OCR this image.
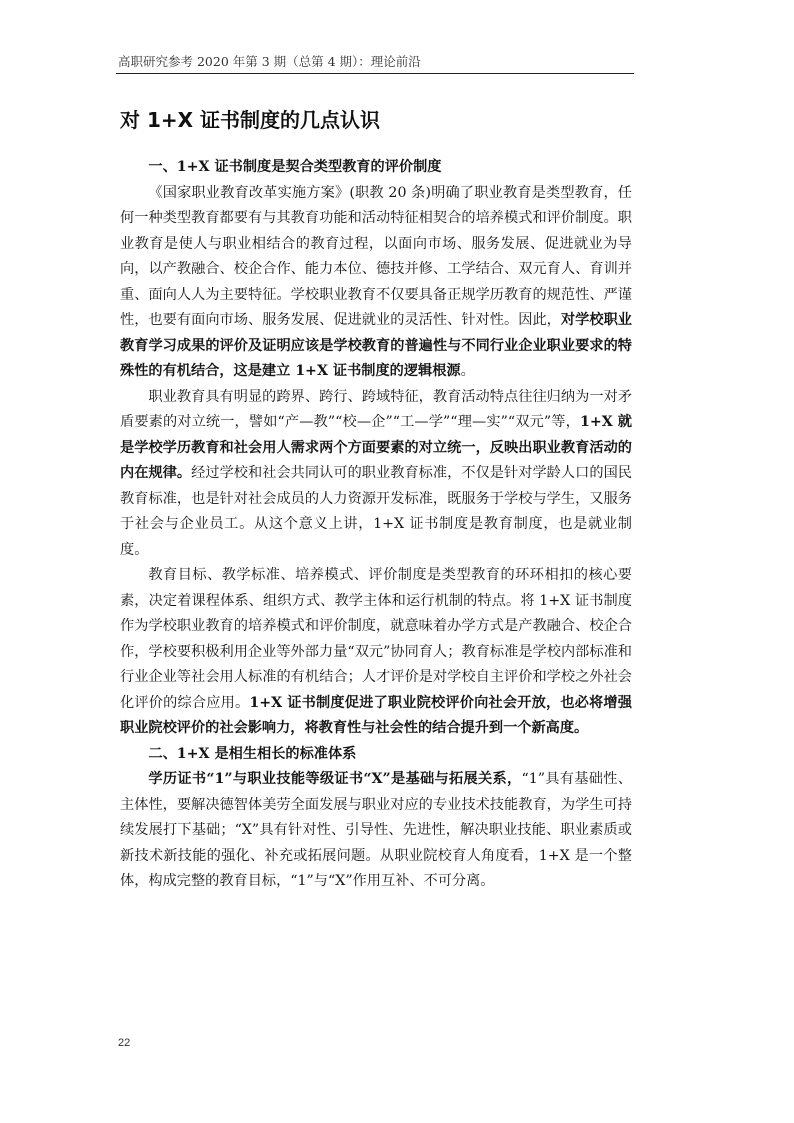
高职研究参考 2020 年第 3 期（总第 4 期）：理论前沿
对 1+X 证书制度的几点认识
一、1+X 证书制度是契合类型教育的评价制度

《国家职业教育改革实施方案》(职教 20 条)明确了职业教育是类型教育，任何一种类型教育都要有与其教育功能和活动特征相契合的培养模式和评价制度。职业教育是使人与职业相结合的教育过程，以面向市场、服务发展、促进就业为导向，以产教融合、校企合作、能力本位、德技并修、工学结合、双元育人、育训并重、面向人人为主要特征。学校职业教育不仅要具备正规学历教育的规范性、严谨性，也要有面向市场、服务发展、促进就业的灵活性、针对性。因此，对学校职业教育学习成果的评价及证明应该是学校教育的普遍性与不同行业企业职业要求的特殊性的有机结合，这是建立 1+X 证书制度的逻辑根源。

职业教育具有明显的跨界、跨行、跨域特征，教育活动特点往往归纳为一对矛盾要素的对立统一，譬如“产—教”“校—企”“工—学”“理—实”“双元”等，1+X 就是学校学历教育和社会用人需求两个方面要素的对立统一，反映出职业教育活动的内在规律。经过学校和社会共同认可的职业教育标准，不仅是针对学龄人口的国民教育标准，也是针对社会成员的人力资源开发标准，既服务于学校与学生，又服务于社会与企业员工。从这个意义上讲，1+X 证书制度是教育制度，也是就业制度。

教育目标、教学标准、培养模式、评价制度是类型教育的环环相扣的核心要素，决定着课程体系、组织方式、教学主体和运行机制的特点。将 1+X 证书制度作为学校职业教育的培养模式和评价制度，就意味着办学方式是产教融合、校企合作，学校要积极利用企业等外部力量“双元”协同育人；教育标准是学校内部标准和行业企业等社会用人标准的有机结合；人才评价是对学校自主评价和学校之外社会化评价的综合应用。1+X 证书制度促进了职业院校评价向社会开放，也必将增强职业院校评价的社会影响力，将教育性与社会性的结合提升到一个新高度。

二、1+X 是相生相长的标准体系

学历证书“1”与职业技能等级证书“X”是基础与拓展关系，“1”具有基础性、主体性，要解决德智体美劳全面发展与职业对应的专业技术技能教育，为学生可持续发展打下基础；“X”具有针对性、引导性、先进性，解决职业技能、职业素质或新技术新技能的强化、补充或拓展问题。从职业院校育人角度看，1+X 是一个整体，构成完整的教育目标，“1”与“X”作用互补、不可分离。

22
